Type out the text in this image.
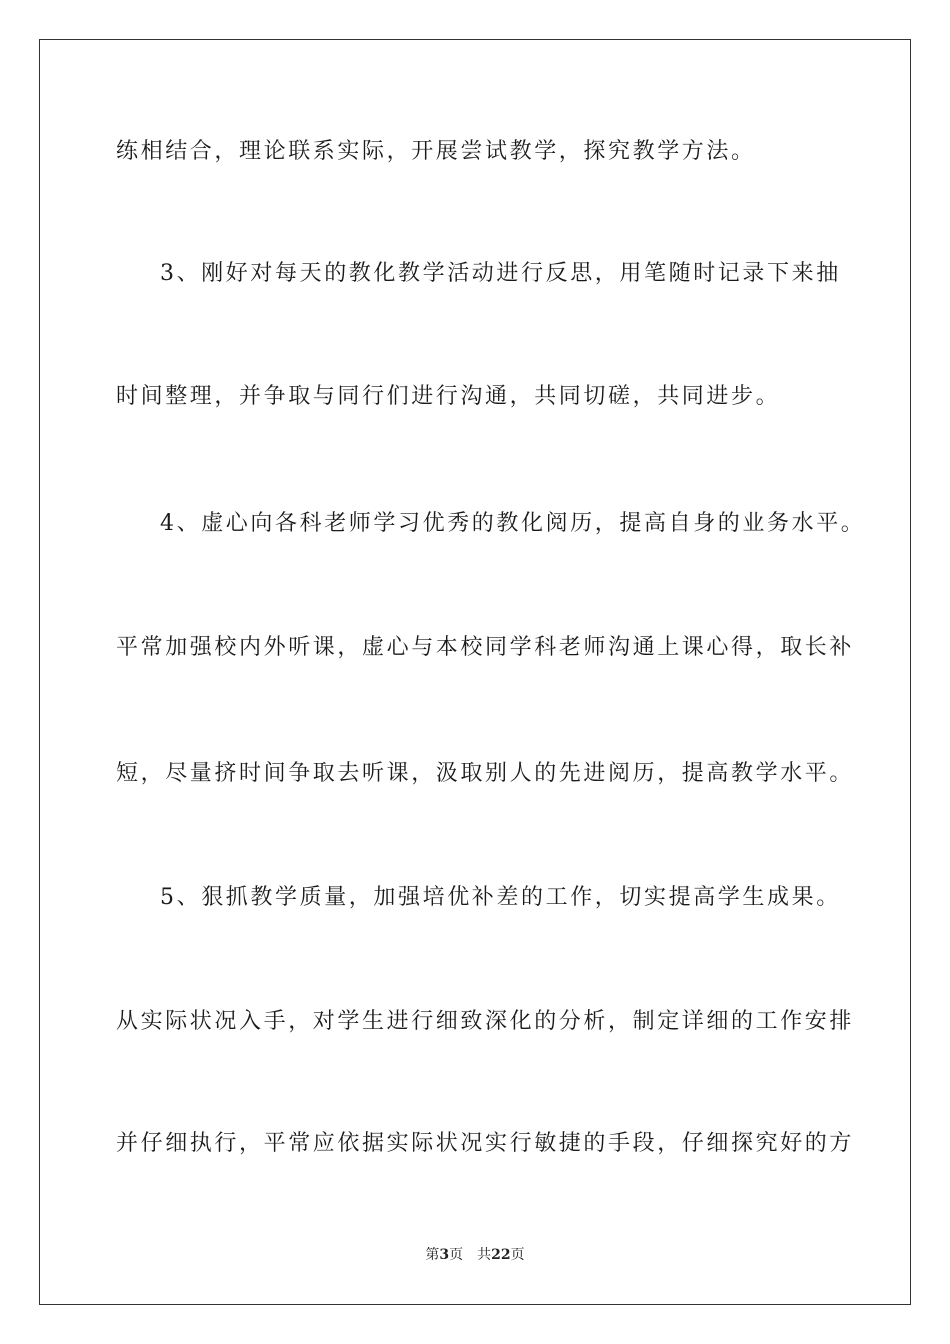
练相结合，理论联系实际，开展尝试教学，探究教学方法。
3、刚好对每天的教化教学活动进行反思，用笔随时记录下来抽
时间整理，并争取与同行们进行沟通，共同切磋，共同进步。
4、虚心向各科老师学习优秀的教化阅历，提高自身的业务水平。
平常加强校内外听课，虚心与本校同学科老师沟通上课心得，取长补
短，尽量挤时间争取去听课，汲取别人的先进阅历，提高教学水平。
5、狠抓教学质量，加强培优补差的工作，切实提高学生成果。
从实际状况入手，对学生进行细致深化的分析，制定详细的工作安排
并仔细执行，平常应依据实际状况实行敏捷的手段，仔细探究好的方
第3页 共22页
